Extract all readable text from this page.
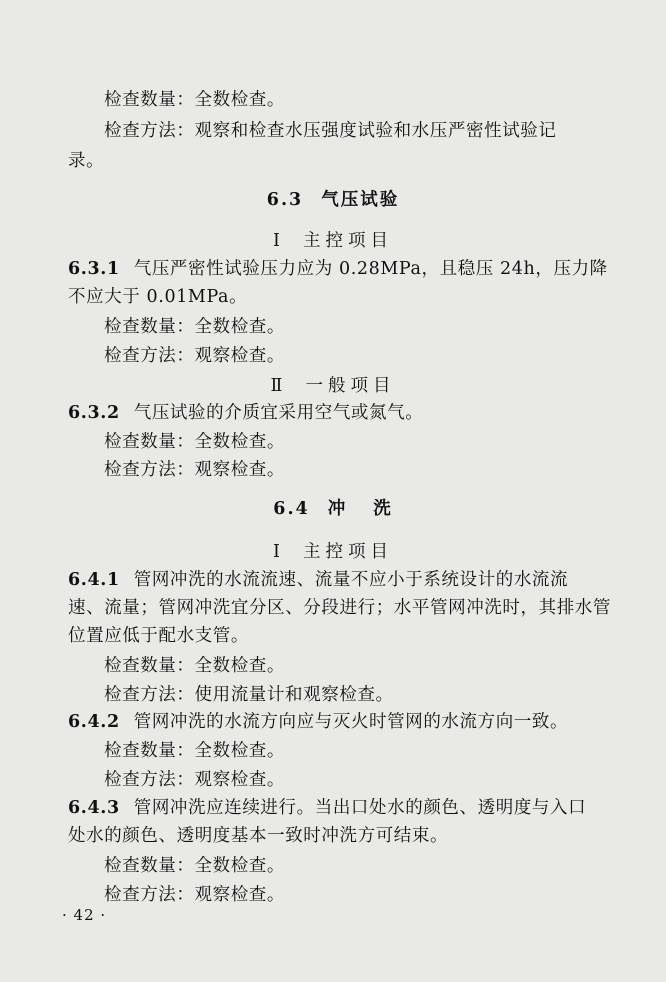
检查数量：全数检查。
检查方法：观察和检查水压强度试验和水压严密性试验记
录。
6.3 气压试验
Ⅰ 主控项目
6.3.1 气压严密性试验压力应为 0.28MPa，且稳压 24h，压力降
不应大于 0.01MPa。
检查数量：全数检查。
检查方法：观察检查。
Ⅱ 一般项目
6.3.2 气压试验的介质宜采用空气或氮气。
检查数量：全数检查。
检查方法：观察检查。
6.4 冲 洗
Ⅰ 主控项目
6.4.1 管网冲洗的水流流速、流量不应小于系统设计的水流流
速、流量；管网冲洗宜分区、分段进行；水平管网冲洗时，其排水管
位置应低于配水支管。
检查数量：全数检查。
检查方法：使用流量计和观察检查。
6.4.2 管网冲洗的水流方向应与灭火时管网的水流方向一致。
检查数量：全数检查。
检查方法：观察检查。
6.4.3 管网冲洗应连续进行。当出口处水的颜色、透明度与入口
处水的颜色、透明度基本一致时冲洗方可结束。
检查数量：全数检查。
检查方法：观察检查。
· 42 ·
